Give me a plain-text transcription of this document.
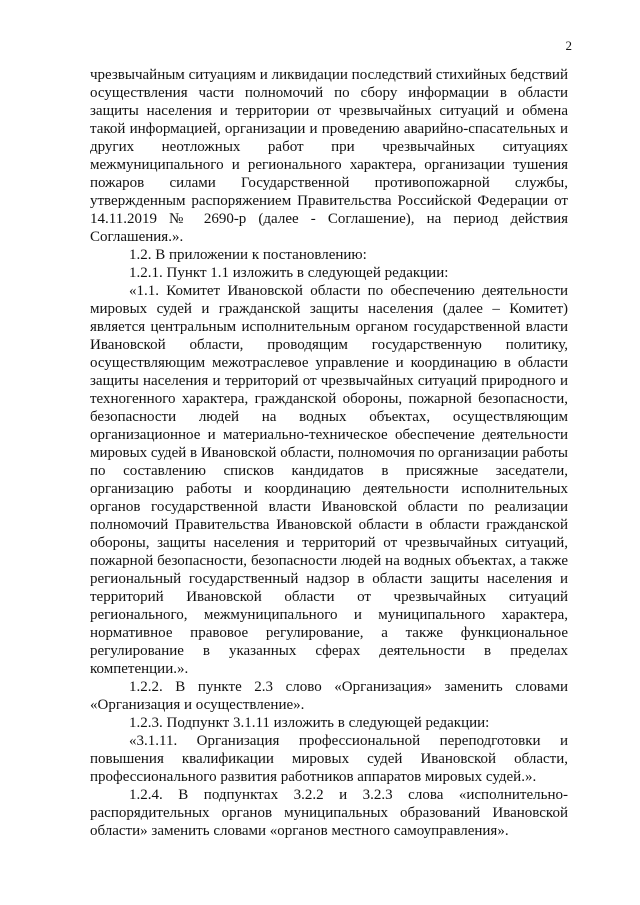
2

чрезвычайным ситуациям и ликвидации последствий стихийных бедствий осуществления части полномочий по сбору информации в области защиты населения и территории от чрезвычайных ситуаций и обмена такой информацией, организации и проведению аварийно-спасательных и других неотложных работ при чрезвычайных ситуациях межмуниципального и регионального характера, организации тушения пожаров силами Государственной противопожарной службы, утвержденным распоряжением Правительства Российской Федерации от 14.11.2019 № 2690-р (далее - Соглашение), на период действия Соглашения.».

1.2. В приложении к постановлению:

1.2.1. Пункт 1.1 изложить в следующей редакции:

«1.1. Комитет Ивановской области по обеспечению деятельности мировых судей и гражданской защиты населения (далее – Комитет) является центральным исполнительным органом государственной власти Ивановской области, проводящим государственную политику, осуществляющим межотраслевое управление и координацию в области защиты населения и территорий от чрезвычайных ситуаций природного и техногенного характера, гражданской обороны, пожарной безопасности, безопасности людей на водных объектах, осуществляющим организационное и материально-техническое обеспечение деятельности мировых судей в Ивановской области, полномочия по организации работы по составлению списков кандидатов в присяжные заседатели, организацию работы и координацию деятельности исполнительных органов государственной власти Ивановской области по реализации полномочий Правительства Ивановской области в области гражданской обороны, защиты населения и территорий от чрезвычайных ситуаций, пожарной безопасности, безопасности людей на водных объектах, а также региональный государственный надзор в области защиты населения и территорий Ивановской области от чрезвычайных ситуаций регионального, межмуниципального и муниципального характера, нормативное правовое регулирование, а также функциональное регулирование в указанных сферах деятельности в пределах компетенции.».

1.2.2. В пункте 2.3 слово «Организация» заменить словами «Организация и осуществление».

1.2.3. Подпункт 3.1.11 изложить в следующей редакции:

«3.1.11. Организация профессиональной переподготовки и повышения квалификации мировых судей Ивановской области, профессионального развития работников аппаратов мировых судей.».

1.2.4. В подпунктах 3.2.2 и 3.2.3 слова «исполнительно-распорядительных органов муниципальных образований Ивановской области» заменить словами «органов местного самоуправления».
